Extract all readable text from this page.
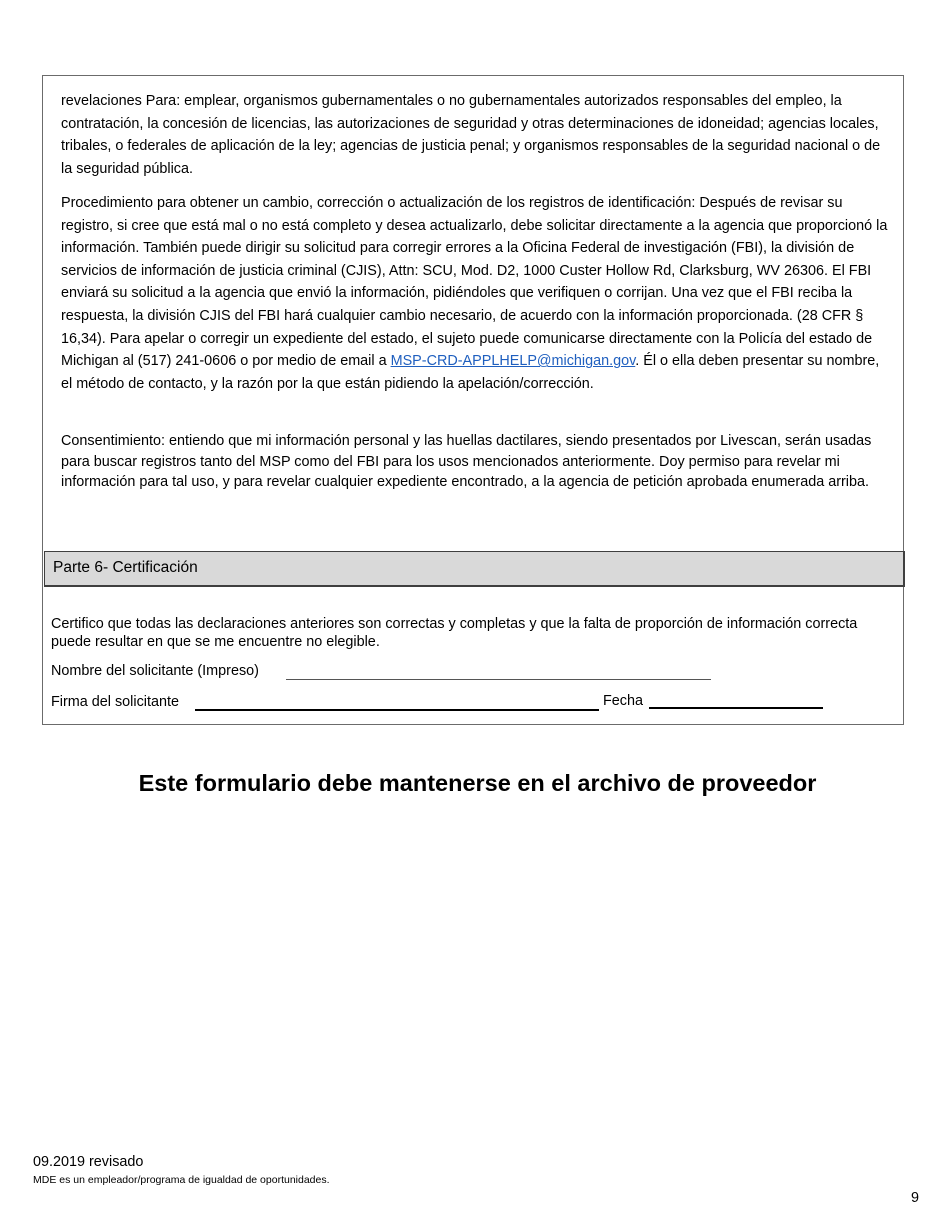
revelaciones Para: emplear, organismos gubernamentales o no gubernamentales autorizados responsables del empleo, la contratación, la concesión de licencias, las autorizaciones de seguridad y otras determinaciones de idoneidad; agencias locales, tribales, o federales de aplicación de la ley; agencias de justicia penal; y organismos responsables de la seguridad nacional o de la seguridad pública.

Procedimiento para obtener un cambio, corrección o actualización de los registros de identificación: Después de revisar su registro, si cree que está mal o no está completo y desea actualizarlo, debe solicitar directamente a la agencia que proporcionó la información. También puede dirigir su solicitud para corregir errores a la Oficina Federal de investigación (FBI), la división de servicios de información de justicia criminal (CJIS), Attn: SCU, Mod. D2, 1000 Custer Hollow Rd, Clarksburg, WV 26306. El FBI enviará su solicitud a la agencia que envió la información, pidiéndoles que verifiquen o corrijan. Una vez que el FBI reciba la respuesta, la división CJIS del FBI hará cualquier cambio necesario, de acuerdo con la información proporcionada. (28 CFR § 16,34). Para apelar o corregir un expediente del estado, el sujeto puede comunicarse directamente con la Policía del estado de Michigan al (517) 241-0606 o por medio de email a MSP-CRD-APPLHELP@michigan.gov. Él o ella deben presentar su nombre, el método de contacto, y la razón por la que están pidiendo la apelación/corrección.

Consentimiento: entiendo que mi información personal y las huellas dactilares, siendo presentados por Livescan, serán usadas para buscar registros tanto del MSP como del FBI para los usos mencionados anteriormente. Doy permiso para revelar mi información para tal uso, y para revelar cualquier expediente encontrado, a la agencia de petición aprobada enumerada arriba.

Parte 6- Certificación

Certifico que todas las declaraciones anteriores son correctas y completas y que la falta de proporción de información correcta puede resultar en que se me encuentre no elegible.

Nombre del solicitante (Impreso)
Firma del solicitante	Fecha
Este formulario debe mantenerse en el archivo de proveedor
09.2019 revisado
MDE es un empleador/programa de igualdad de oportunidades.
9
